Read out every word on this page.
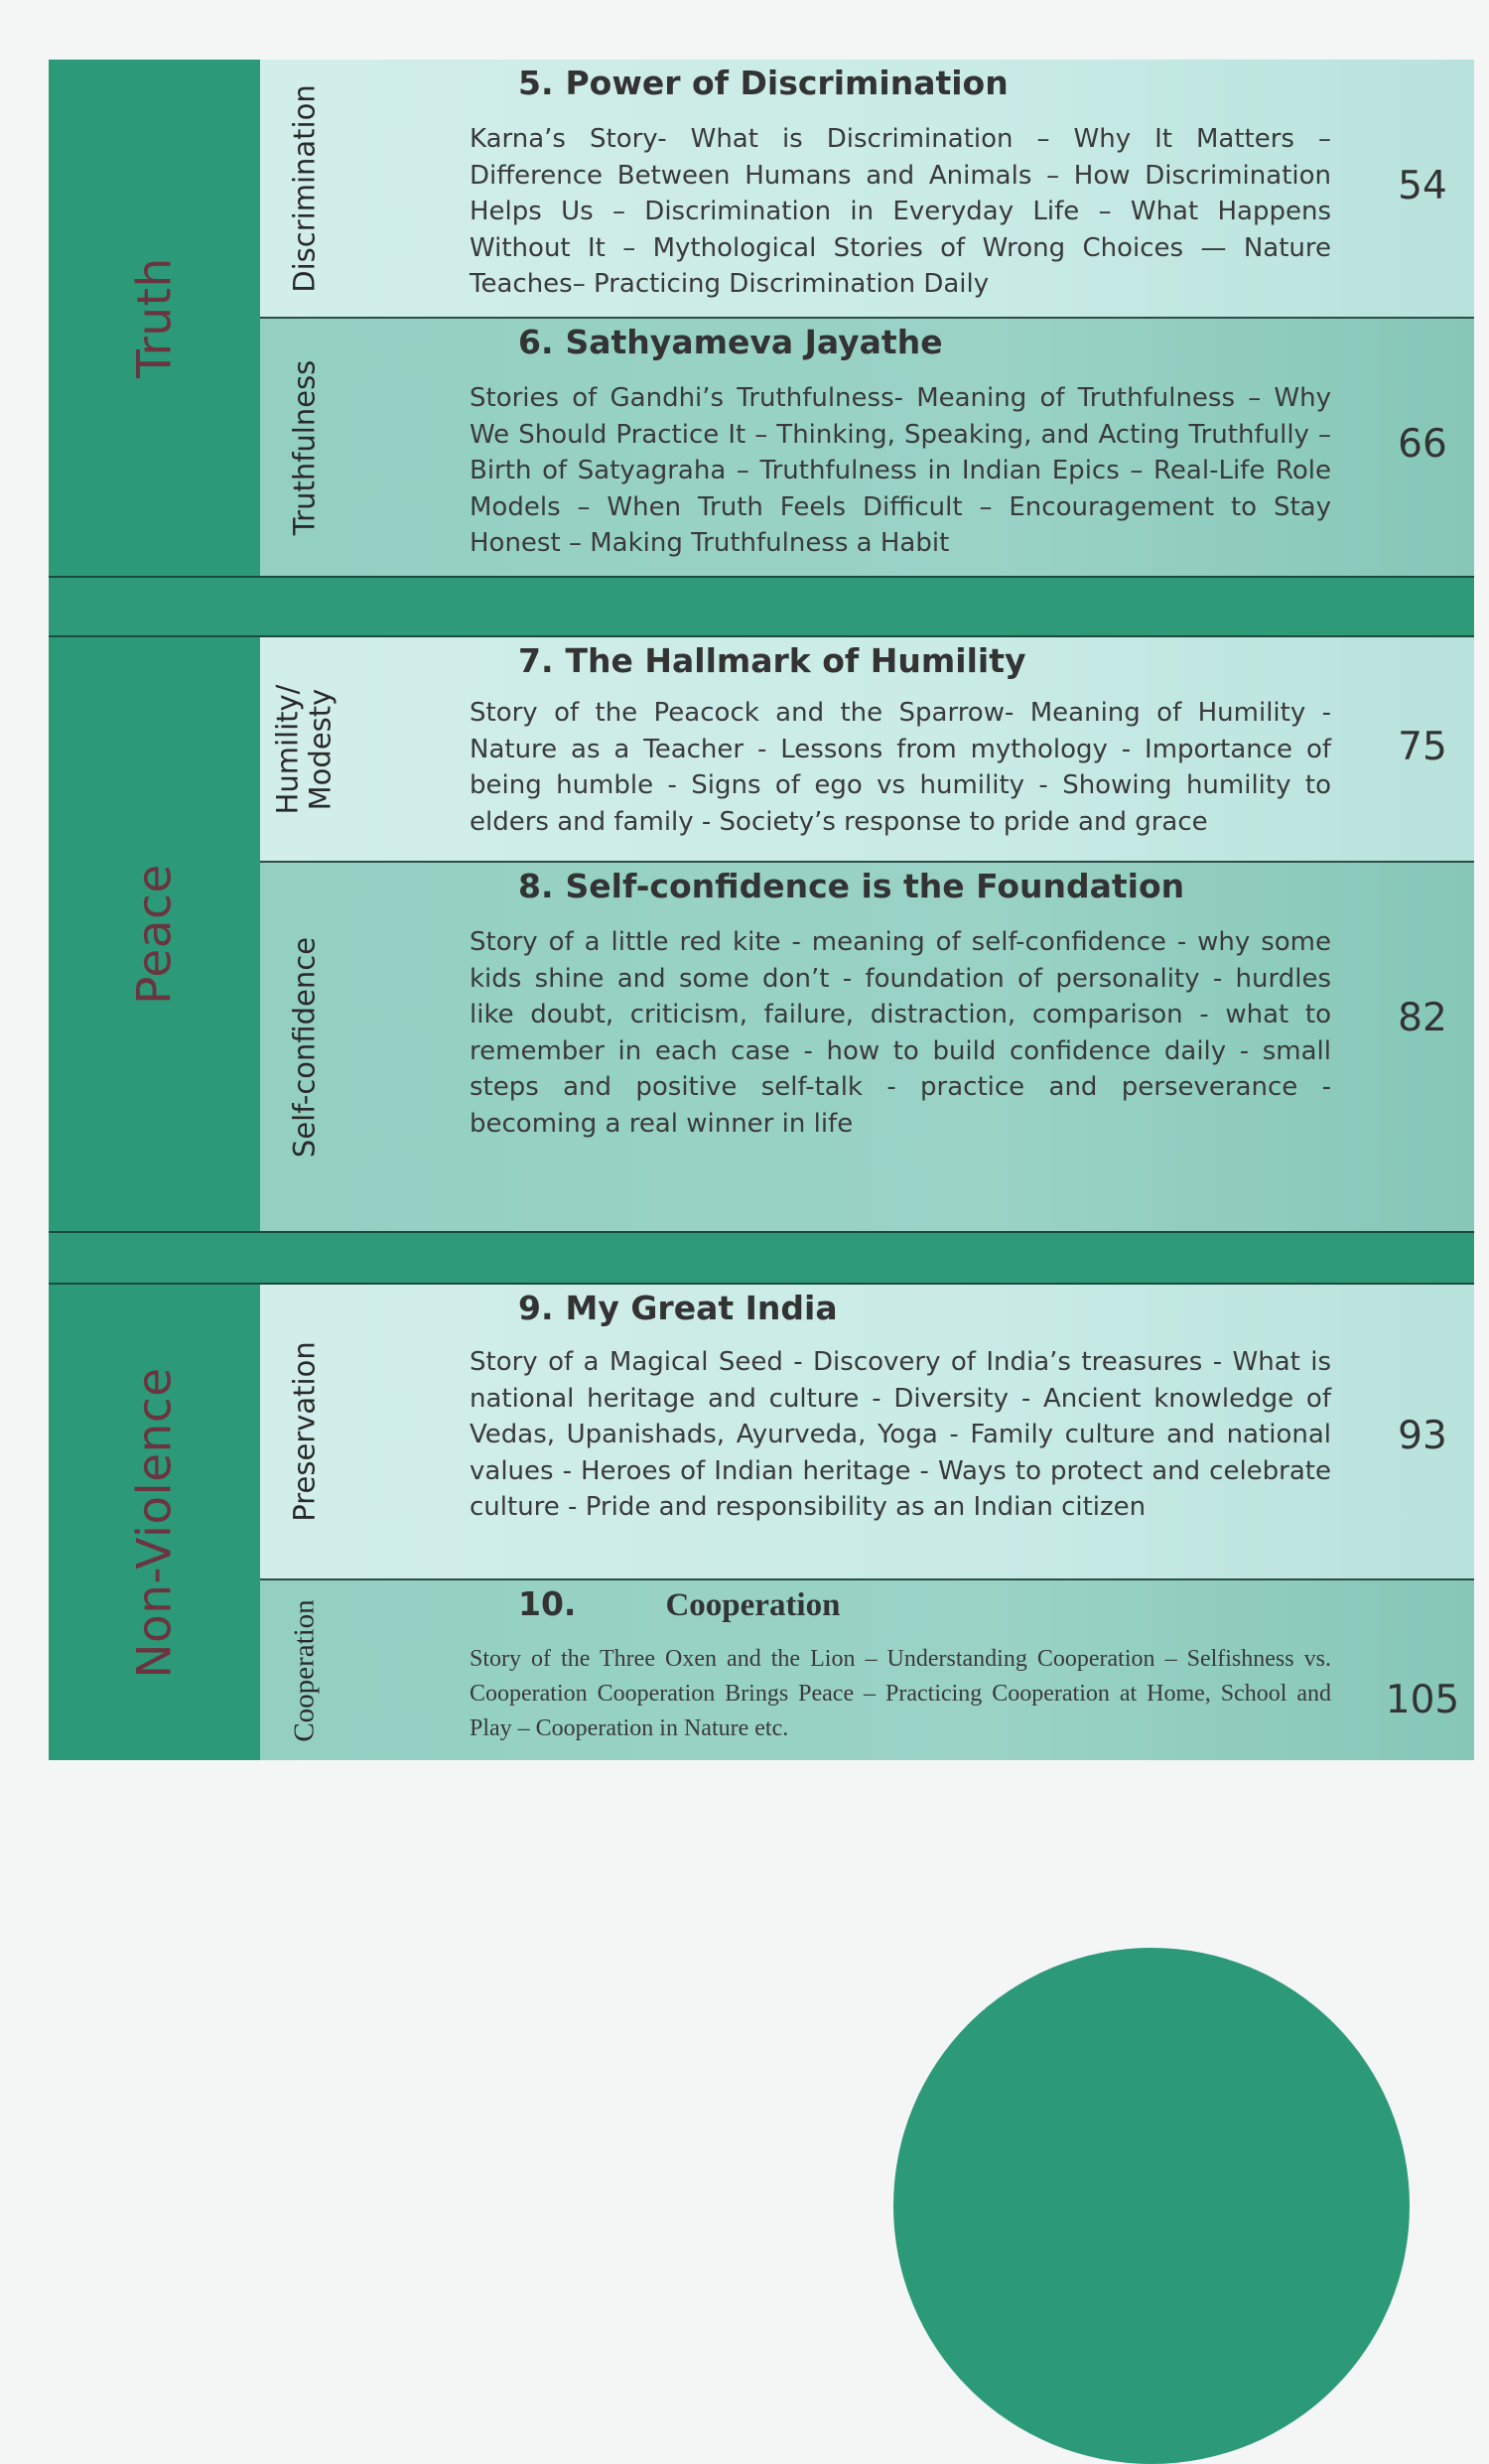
Truth
Peace
Non-Violence
Discrimination
5. Power of Discrimination
Karna’s Story- What is Discrimination – Why It Matters – Difference Between Humans and Animals – How Discrimination Helps Us – Discrimination in Everyday Life – What Happens Without It – Mythological Stories of Wrong Choices — Nature Teaches– Practicing Discrimination Daily
54
Truthfulness
6. Sathyameva Jayathe
Stories of Gandhi’s Truthfulness- Meaning of Truthfulness – Why We Should Practice It – Thinking, Speaking, and Acting Truthfully – Birth of Satyagraha – Truthfulness in Indian Epics – Real-Life Role Models – When Truth Feels Difficult – Encouragement to Stay Honest – Making Truthfulness a Habit
66
Humility/ Modesty
7. The Hallmark of Humility
Story of the Peacock and the Sparrow- Meaning of Humility - Nature as a Teacher - Lessons from mythology - Importance of being humble - Signs of ego vs humility - Showing humility to elders and family - Society’s response to pride and grace
75
Self-confidence
8. Self-confidence is the Foundation
Story of a little red kite - meaning of self-confidence - why some kids shine and some don’t - foundation of personality - hurdles like doubt, criticism, failure, distraction, comparison - what to remember in each case - how to build confidence daily - small steps and positive self-talk - practice and perseverance - becoming a real winner in life
82
Preservation
9. My Great India
Story of a Magical Seed - Discovery of India’s treasures - What is national heritage and culture - Diversity - Ancient knowledge of Vedas, Upanishads, Ayurveda, Yoga - Family culture and national values - Heroes of Indian heritage - Ways to protect and celebrate culture - Pride and responsibility as an Indian citizen
93
Cooperation	10.	Cooperation
Story of the Three Oxen and the Lion – Understanding Cooperation – Selfishness vs. Cooperation Cooperation Brings Peace – Practicing Cooperation at Home, School and Play – Cooperation in Nature etc.
105
